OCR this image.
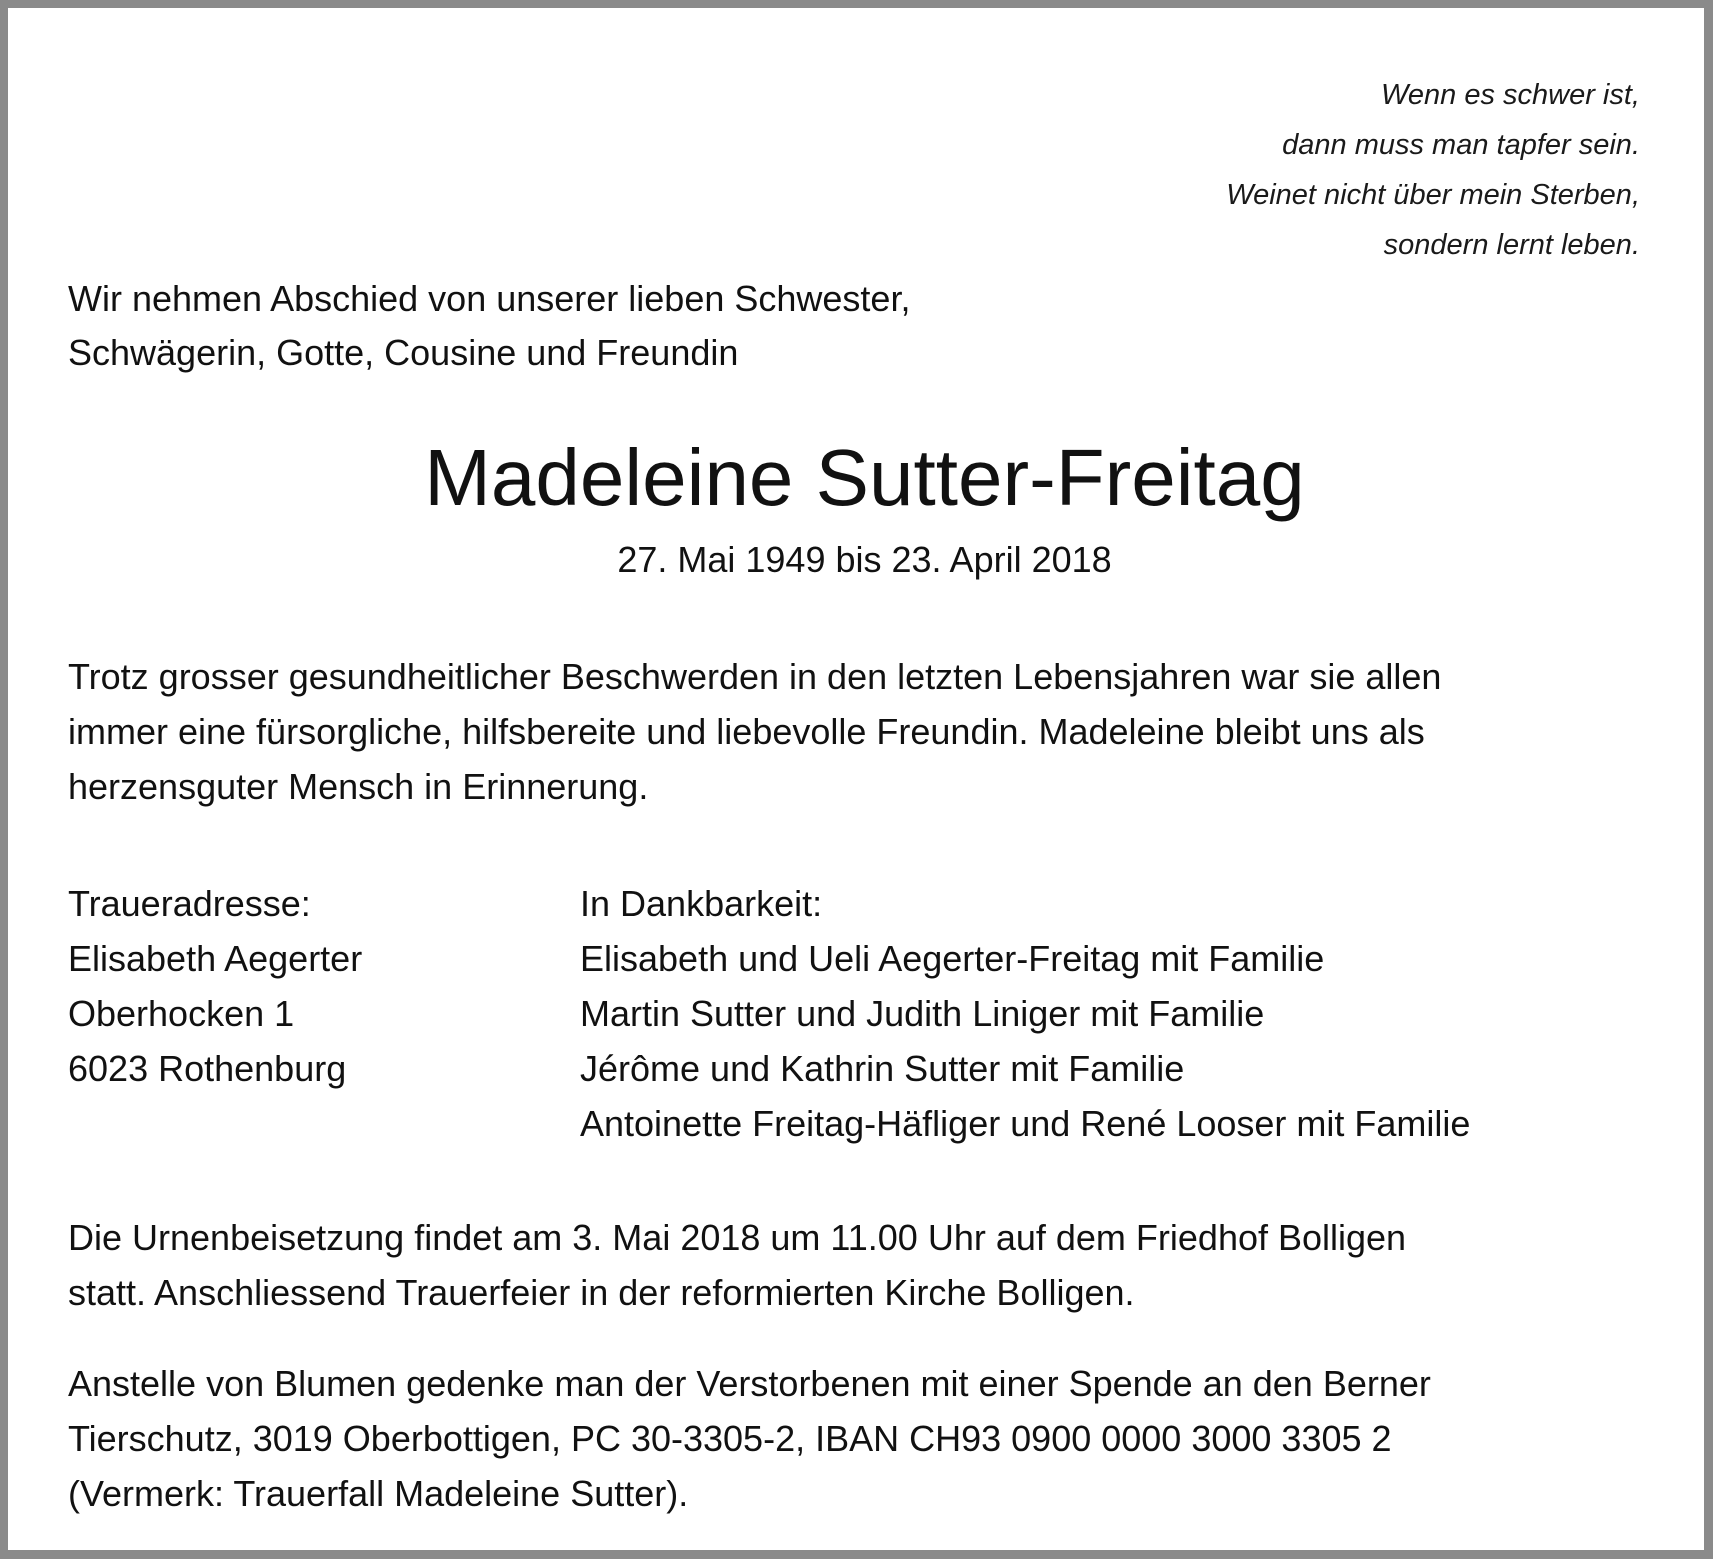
Wenn es schwer ist,
dann muss man tapfer sein.
Weinet nicht über mein Sterben,
sondern lernt leben.
Wir nehmen Abschied von unserer lieben Schwester,
Schwägerin, Gotte, Cousine und Freundin
Madeleine Sutter-Freitag
27. Mai 1949 bis 23. April 2018
Trotz grosser gesundheitlicher Beschwerden in den letzten Lebensjahren war sie allen
immer eine fürsorgliche, hilfsbereite und liebevolle Freundin. Madeleine bleibt uns als
herzensguter Mensch in Erinnerung.
Traueradresse:
Elisabeth Aegerter
Oberhocken 1
6023 Rothenburg
In Dankbarkeit:
Elisabeth und Ueli Aegerter-Freitag mit Familie
Martin Sutter und Judith Liniger mit Familie
Jérôme und Kathrin Sutter mit Familie
Antoinette Freitag-Häfliger und René Looser mit Familie
Die Urnenbeisetzung findet am 3. Mai 2018 um 11.00 Uhr auf dem Friedhof Bolligen
statt. Anschliessend Trauerfeier in der reformierten Kirche Bolligen.
Anstelle von Blumen gedenke man der Verstorbenen mit einer Spende an den Berner
Tierschutz, 3019 Oberbottigen, PC 30-3305-2, IBAN CH93 0900 0000 3000 3305 2
(Vermerk: Trauerfall Madeleine Sutter).
